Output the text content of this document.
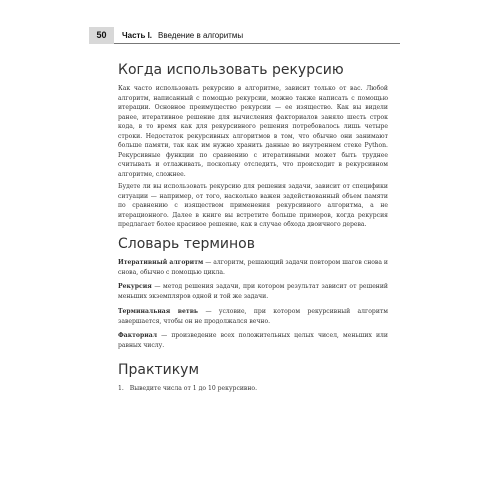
50	Часть I. Введение в алгоритмы
Когда использовать рекурсию

Как часто использовать рекурсию в алгоритме, зависит только от вас. Любой алгоритм, написанный с помощью рекурсии, можно также написать с помощью итерации. Основное преимущество рекурсии — ее изящество. Как вы видели ранее, итеративное решение для вычисления факториалов заняло шесть строк кода, в то время как для рекурсивного решения потребовалось лишь четыре строки. Недостаток рекурсивных алгоритмов в том, что обычно они занимают больше памяти, так как им нужно хранить данные во внутреннем стеке Python. Рекурсивные функции по сравнению с итеративными может быть труднее считывать и отлаживать, поскольку отследить, что происходит в рекурсивном алгоритме, сложнее.

Будете ли вы использовать рекурсию для решения задачи, зависит от специфики ситуации — например, от того, насколько важен задействованный объем памяти по сравнению с изяществом применения рекурсивного алгоритма, а не итерационного. Далее в книге вы встретите больше примеров, когда рекурсия предлагает более красивое решение, как в случае обхода двоичного дерева.

Словарь терминов

Итеративный алгоритм — алгоритм, решающий задачи повтором шагов снова и снова, обычно с помощью цикла.

Рекурсия — метод решения задачи, при котором результат зависит от решений меньших экземпляров одной и той же задачи.

Терминальная ветвь — условие, при котором рекурсивный алгоритм завершается, чтобы он не продолжался вечно.

Факториал — произведение всех положительных целых чисел, меньших или равных числу.

Практикум
1. Выведите числа от 1 до 10 рекурсивно.
